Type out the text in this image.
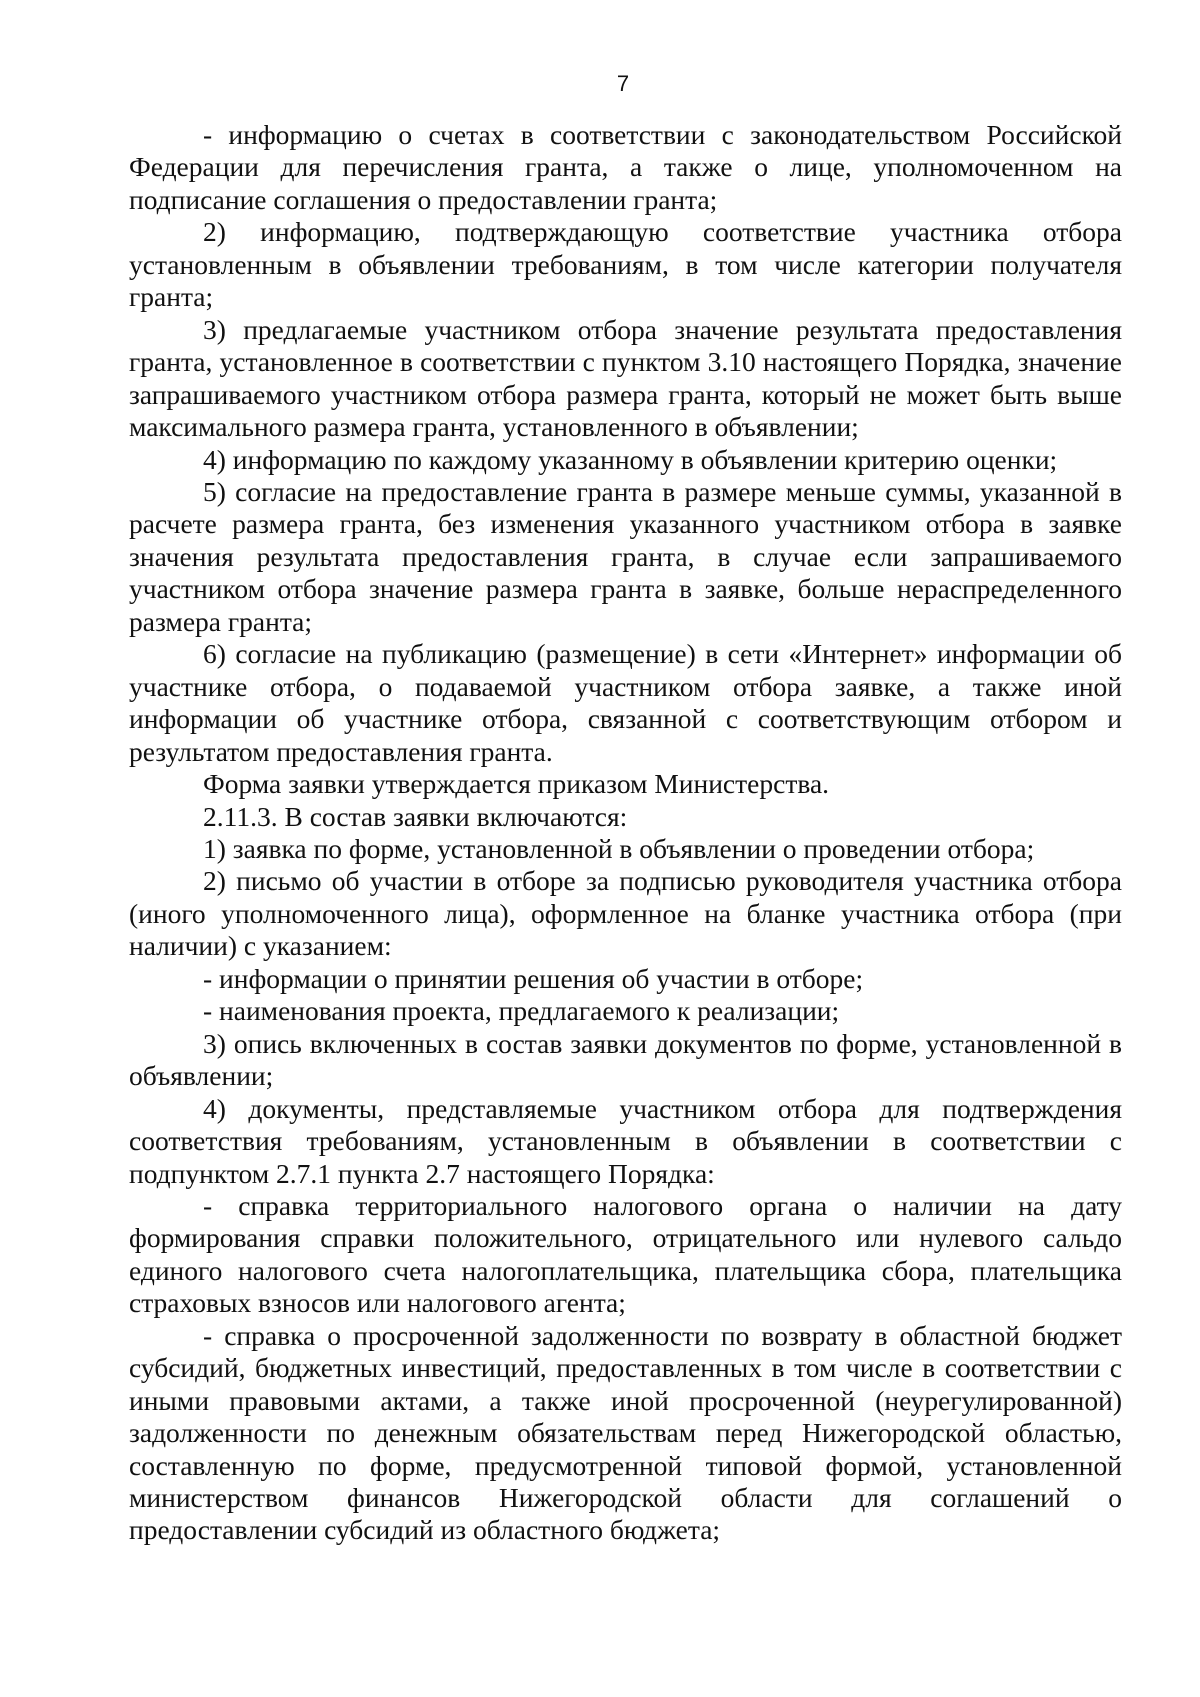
7

- информацию о счетах в соответствии с законодательством Российской Федерации для перечисления гранта, а также о лице, уполномоченном на подписание соглашения о предоставлении гранта;

2) информацию, подтверждающую соответствие участника отбора установленным в объявлении требованиям, в том числе категории получателя гранта;

3) предлагаемые участником отбора значение результата предоставления гранта, установленное в соответствии с пунктом 3.10 настоящего Порядка, значение запрашиваемого участником отбора размера гранта, который не может быть выше максимального размера гранта, установленного в объявлении;

4) информацию по каждому указанному в объявлении критерию оценки;

5) согласие на предоставление гранта в размере меньше суммы, указанной в расчете размера гранта, без изменения указанного участником отбора в заявке значения результата предоставления гранта, в случае если запрашиваемого участником отбора значение размера гранта в заявке, больше нераспределенного размера гранта;

6) согласие на публикацию (размещение) в сети «Интернет» информации об участнике отбора, о подаваемой участником отбора заявке, а также иной информации об участнике отбора, связанной с соответствующим отбором и результатом предоставления гранта.

Форма заявки утверждается приказом Министерства.

2.11.3. В состав заявки включаются:

1) заявка по форме, установленной в объявлении о проведении отбора;

2) письмо об участии в отборе за подписью руководителя участника отбора (иного уполномоченного лица), оформленное на бланке участника отбора (при наличии) с указанием:

- информации о принятии решения об участии в отборе;

- наименования проекта, предлагаемого к реализации;

3) опись включенных в состав заявки документов по форме, установленной в объявлении;

4) документы, представляемые участником отбора для подтверждения соответствия требованиям, установленным в объявлении в соответствии с подпунктом 2.7.1 пункта 2.7 настоящего Порядка:

- справка территориального налогового органа о наличии на дату формирования справки положительного, отрицательного или нулевого сальдо единого налогового счета налогоплательщика, плательщика сбора, плательщика страховых взносов или налогового агента;

- справка о просроченной задолженности по возврату в областной бюджет субсидий, бюджетных инвестиций, предоставленных в том числе в соответствии с иными правовыми актами, а также иной просроченной (неурегулированной) задолженности по денежным обязательствам перед Нижегородской областью, составленную по форме, предусмотренной типовой формой, установленной министерством финансов Нижегородской области для соглашений о предоставлении субсидий из областного бюджета;
